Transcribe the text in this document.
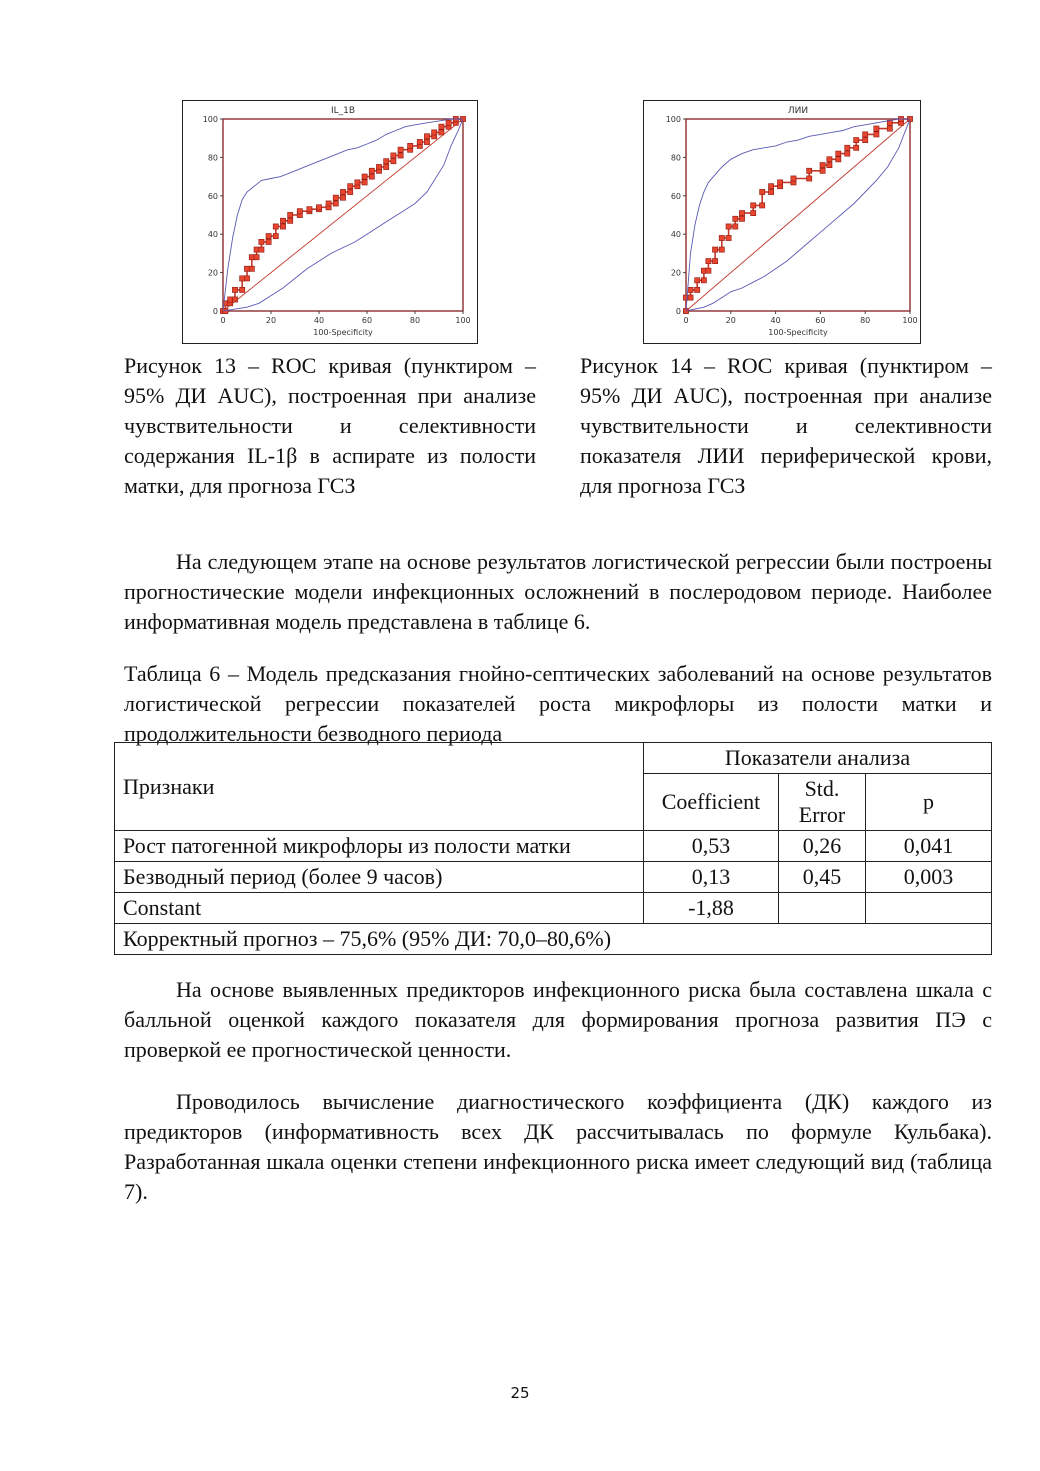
IL_1B
0	20	40	60	80	100
0
20
40
60
80
100
100-Specificity
ЛИИ
0	20	40	60	80	100
0
20
40
60
80
100
100-Specificity
Рисунок 13 – ROC кривая (пунктиром – 95% ДИ AUC), построенная при анализе чувствительности и селективности содержания IL-1β в аспирате из полости матки, для прогноза ГСЗ
Рисунок 14 – ROC кривая (пунктиром – 95% ДИ AUC), построенная при анализе чувствительности и селективности показателя ЛИИ периферической крови, для прогноза ГСЗ
На следующем этапе на основе результатов логистической регрессии были построены прогностические модели инфекционных осложнений в послеродовом периоде. Наиболее информативная модель представлена в таблице 6.
Таблица 6 – Модель предсказания гнойно-септических заболеваний на основе результатов логистической регрессии показателей роста микрофлоры из полости матки и продолжительности безводного периода
Признаки	Показатели анализа		
	Coefficient	Std. Error	p
Рост патогенной микрофлоры из полости матки	0,53	0,26	0,041
Безводный период (более 9 часов)	0,13	0,45	0,003
Constant	-1,88		
Корректный прогноз – 75,6% (95% ДИ: 70,0–80,6%)			
На основе выявленных предикторов инфекционного риска была составлена шкала с балльной оценкой каждого показателя для формирования прогноза развития ПЭ с проверкой ее прогностической ценности.
Проводилось вычисление диагностического коэффициента (ДК) каждого из предикторов (информативность всех ДК рассчитывалась по формуле Кульбака). Разработанная шкала оценки степени инфекционного риска имеет следующий вид (таблица 7).
25
